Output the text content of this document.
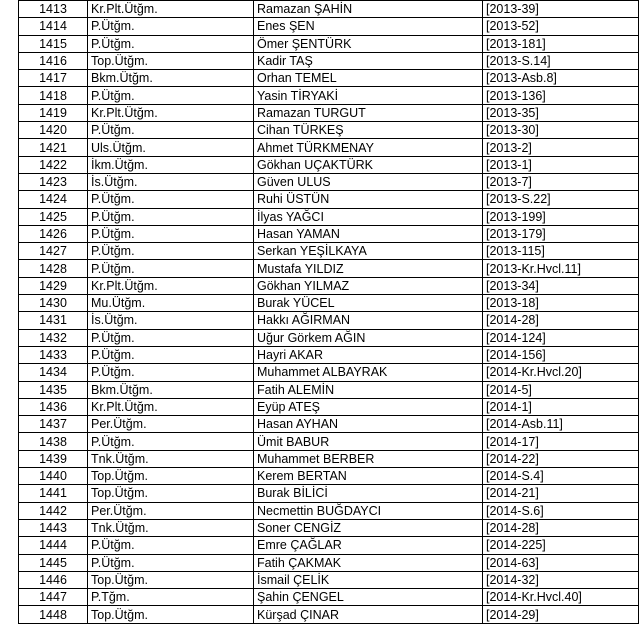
1413	Kr.Plt.Ütğm.	Ramazan ŞAHİN	[2013-39]
1414	P.Ütğm.	Enes ŞEN	[2013-52]
1415	P.Ütğm.	Ömer ŞENTÜRK	[2013-181]
1416	Top.Ütğm.	Kadir TAŞ	[2013-S.14]
1417	Bkm.Ütğm.	Orhan TEMEL	[2013-Asb.8]
1418	P.Ütğm.	Yasin TİRYAKİ	[2013-136]
1419	Kr.Plt.Ütğm.	Ramazan TURGUT	[2013-35]
1420	P.Ütğm.	Cihan TÜRKEŞ	[2013-30]
1421	Uls.Ütğm.	Ahmet TÜRKMENAY	[2013-2]
1422	İkm.Ütğm.	Gökhan UÇAKTÜRK	[2013-1]
1423	İs.Ütğm.	Güven ULUS	[2013-7]
1424	P.Ütğm.	Ruhi ÜSTÜN	[2013-S.22]
1425	P.Ütğm.	İlyas YAĞCI	[2013-199]
1426	P.Ütğm.	Hasan YAMAN	[2013-179]
1427	P.Ütğm.	Serkan YEŞİLKAYA	[2013-115]
1428	P.Ütğm.	Mustafa YILDIZ	[2013-Kr.Hvcl.11]
1429	Kr.Plt.Ütğm.	Gökhan YILMAZ	[2013-34]
1430	Mu.Ütğm.	Burak YÜCEL	[2013-18]
1431	İs.Ütğm.	Hakkı AĞIRMAN	[2014-28]
1432	P.Ütğm.	Uğur Görkem AĞIN	[2014-124]
1433	P.Ütğm.	Hayri AKAR	[2014-156]
1434	P.Ütğm.	Muhammet ALBAYRAK	[2014-Kr.Hvcl.20]
1435	Bkm.Ütğm.	Fatih ALEMİN	[2014-5]
1436	Kr.Plt.Ütğm.	Eyüp ATEŞ	[2014-1]
1437	Per.Ütğm.	Hasan AYHAN	[2014-Asb.11]
1438	P.Ütğm.	Ümit BABUR	[2014-17]
1439	Tnk.Ütğm.	Muhammet BERBER	[2014-22]
1440	Top.Ütğm.	Kerem BERTAN	[2014-S.4]
1441	Top.Ütğm.	Burak BİLİCİ	[2014-21]
1442	Per.Ütğm.	Necmettin BUĞDAYCI	[2014-S.6]
1443	Tnk.Ütğm.	Soner CENGİZ	[2014-28]
1444	P.Ütğm.	Emre ÇAĞLAR	[2014-225]
1445	P.Ütğm.	Fatih ÇAKMAK	[2014-63]
1446	Top.Ütğm.	İsmail ÇELİK	[2014-32]
1447	P.Tğm.	Şahin ÇENGEL	[2014-Kr.Hvcl.40]
1448	Top.Ütğm.	Kürşad ÇINAR	[2014-29]
